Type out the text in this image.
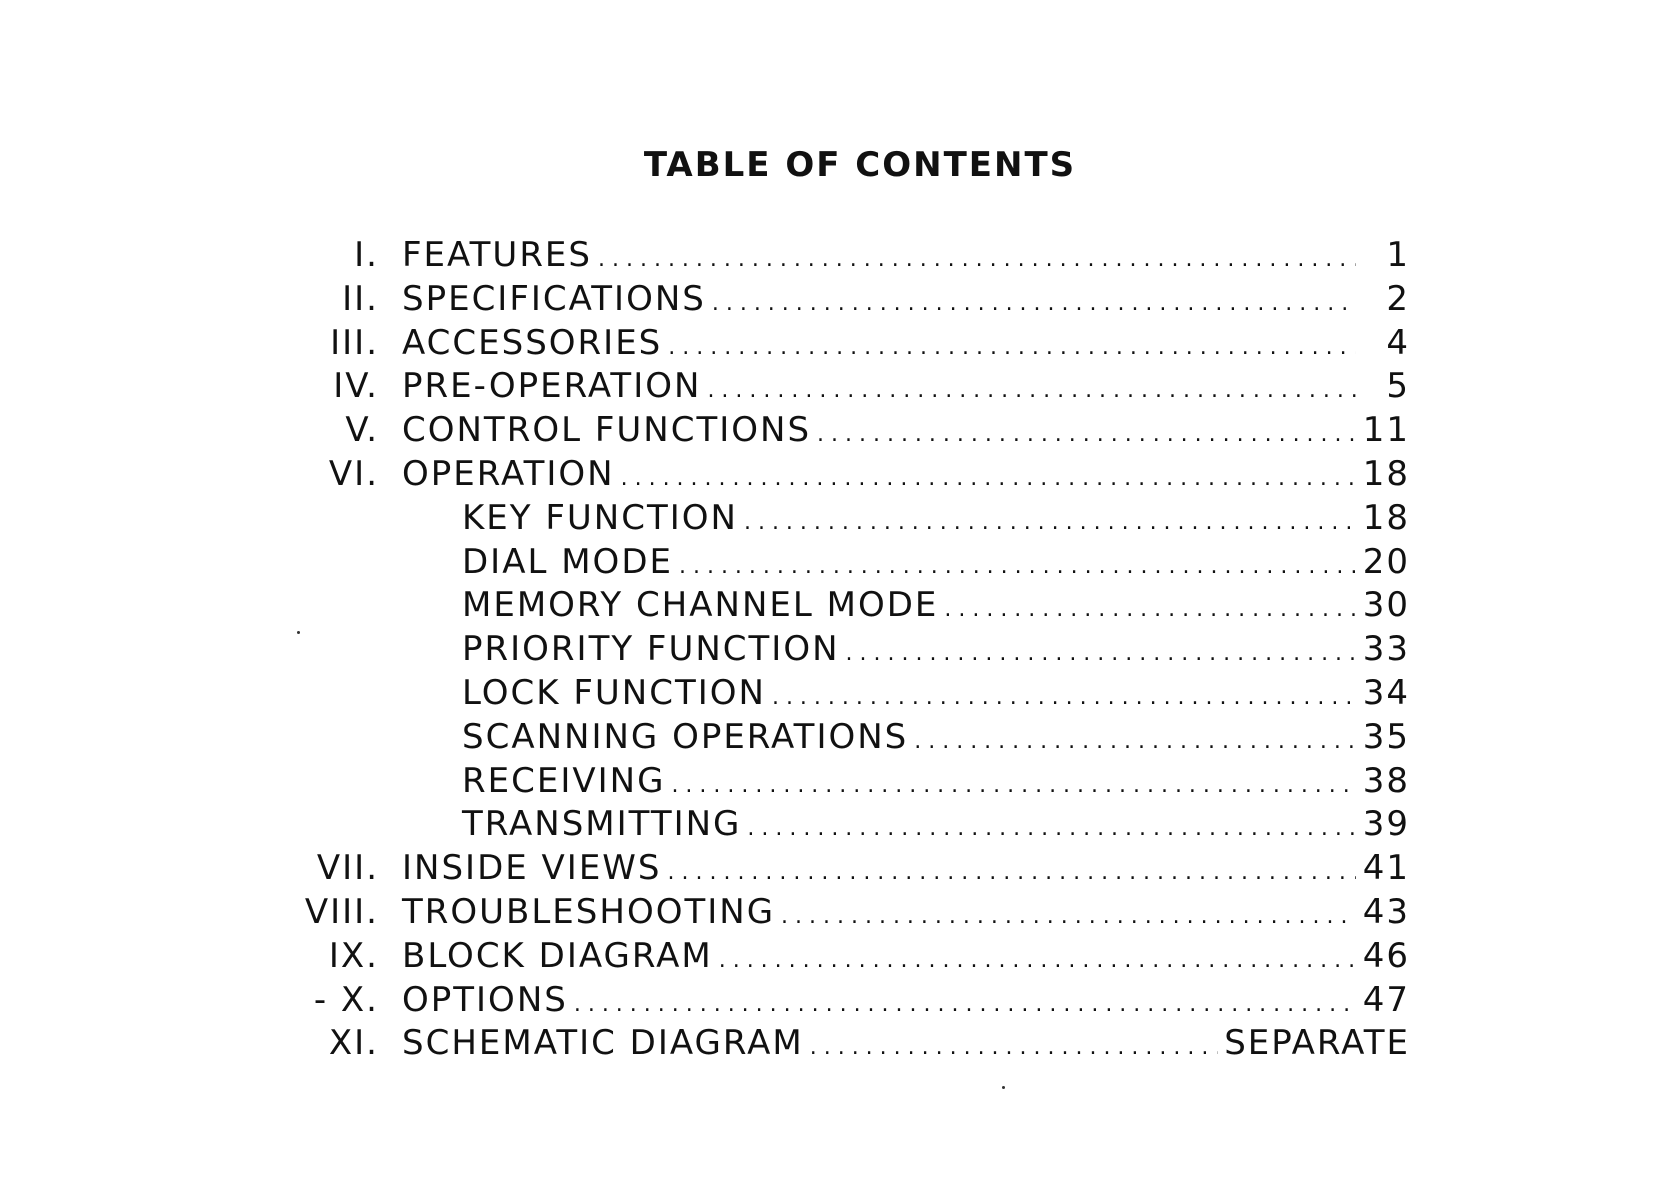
TABLE OF CONTENTS
I. FEATURES . . .	1
II. SPECIFICATIONS . . .	2
III. ACCESSORIES . . .	4
IV. PRE-OPERATION . . .	5
V. CONTROL FUNCTIONS . . .	11
VI. OPERATION . . .	18
KEY FUNCTION . . .	18
DIAL MODE . . .	20
MEMORY CHANNEL MODE . . .	30
PRIORITY FUNCTION . . .	33
LOCK FUNCTION . . .	34
SCANNING OPERATIONS . . .	35
RECEIVING . . .	38
TRANSMITTING . . .	39
VII. INSIDE VIEWS . . .	41
VIII. TROUBLESHOOTING . . .	43
IX. BLOCK DIAGRAM . . .	46
- X. OPTIONS . . .	47
XI. SCHEMATIC DIAGRAM . . .	SEPARATE
